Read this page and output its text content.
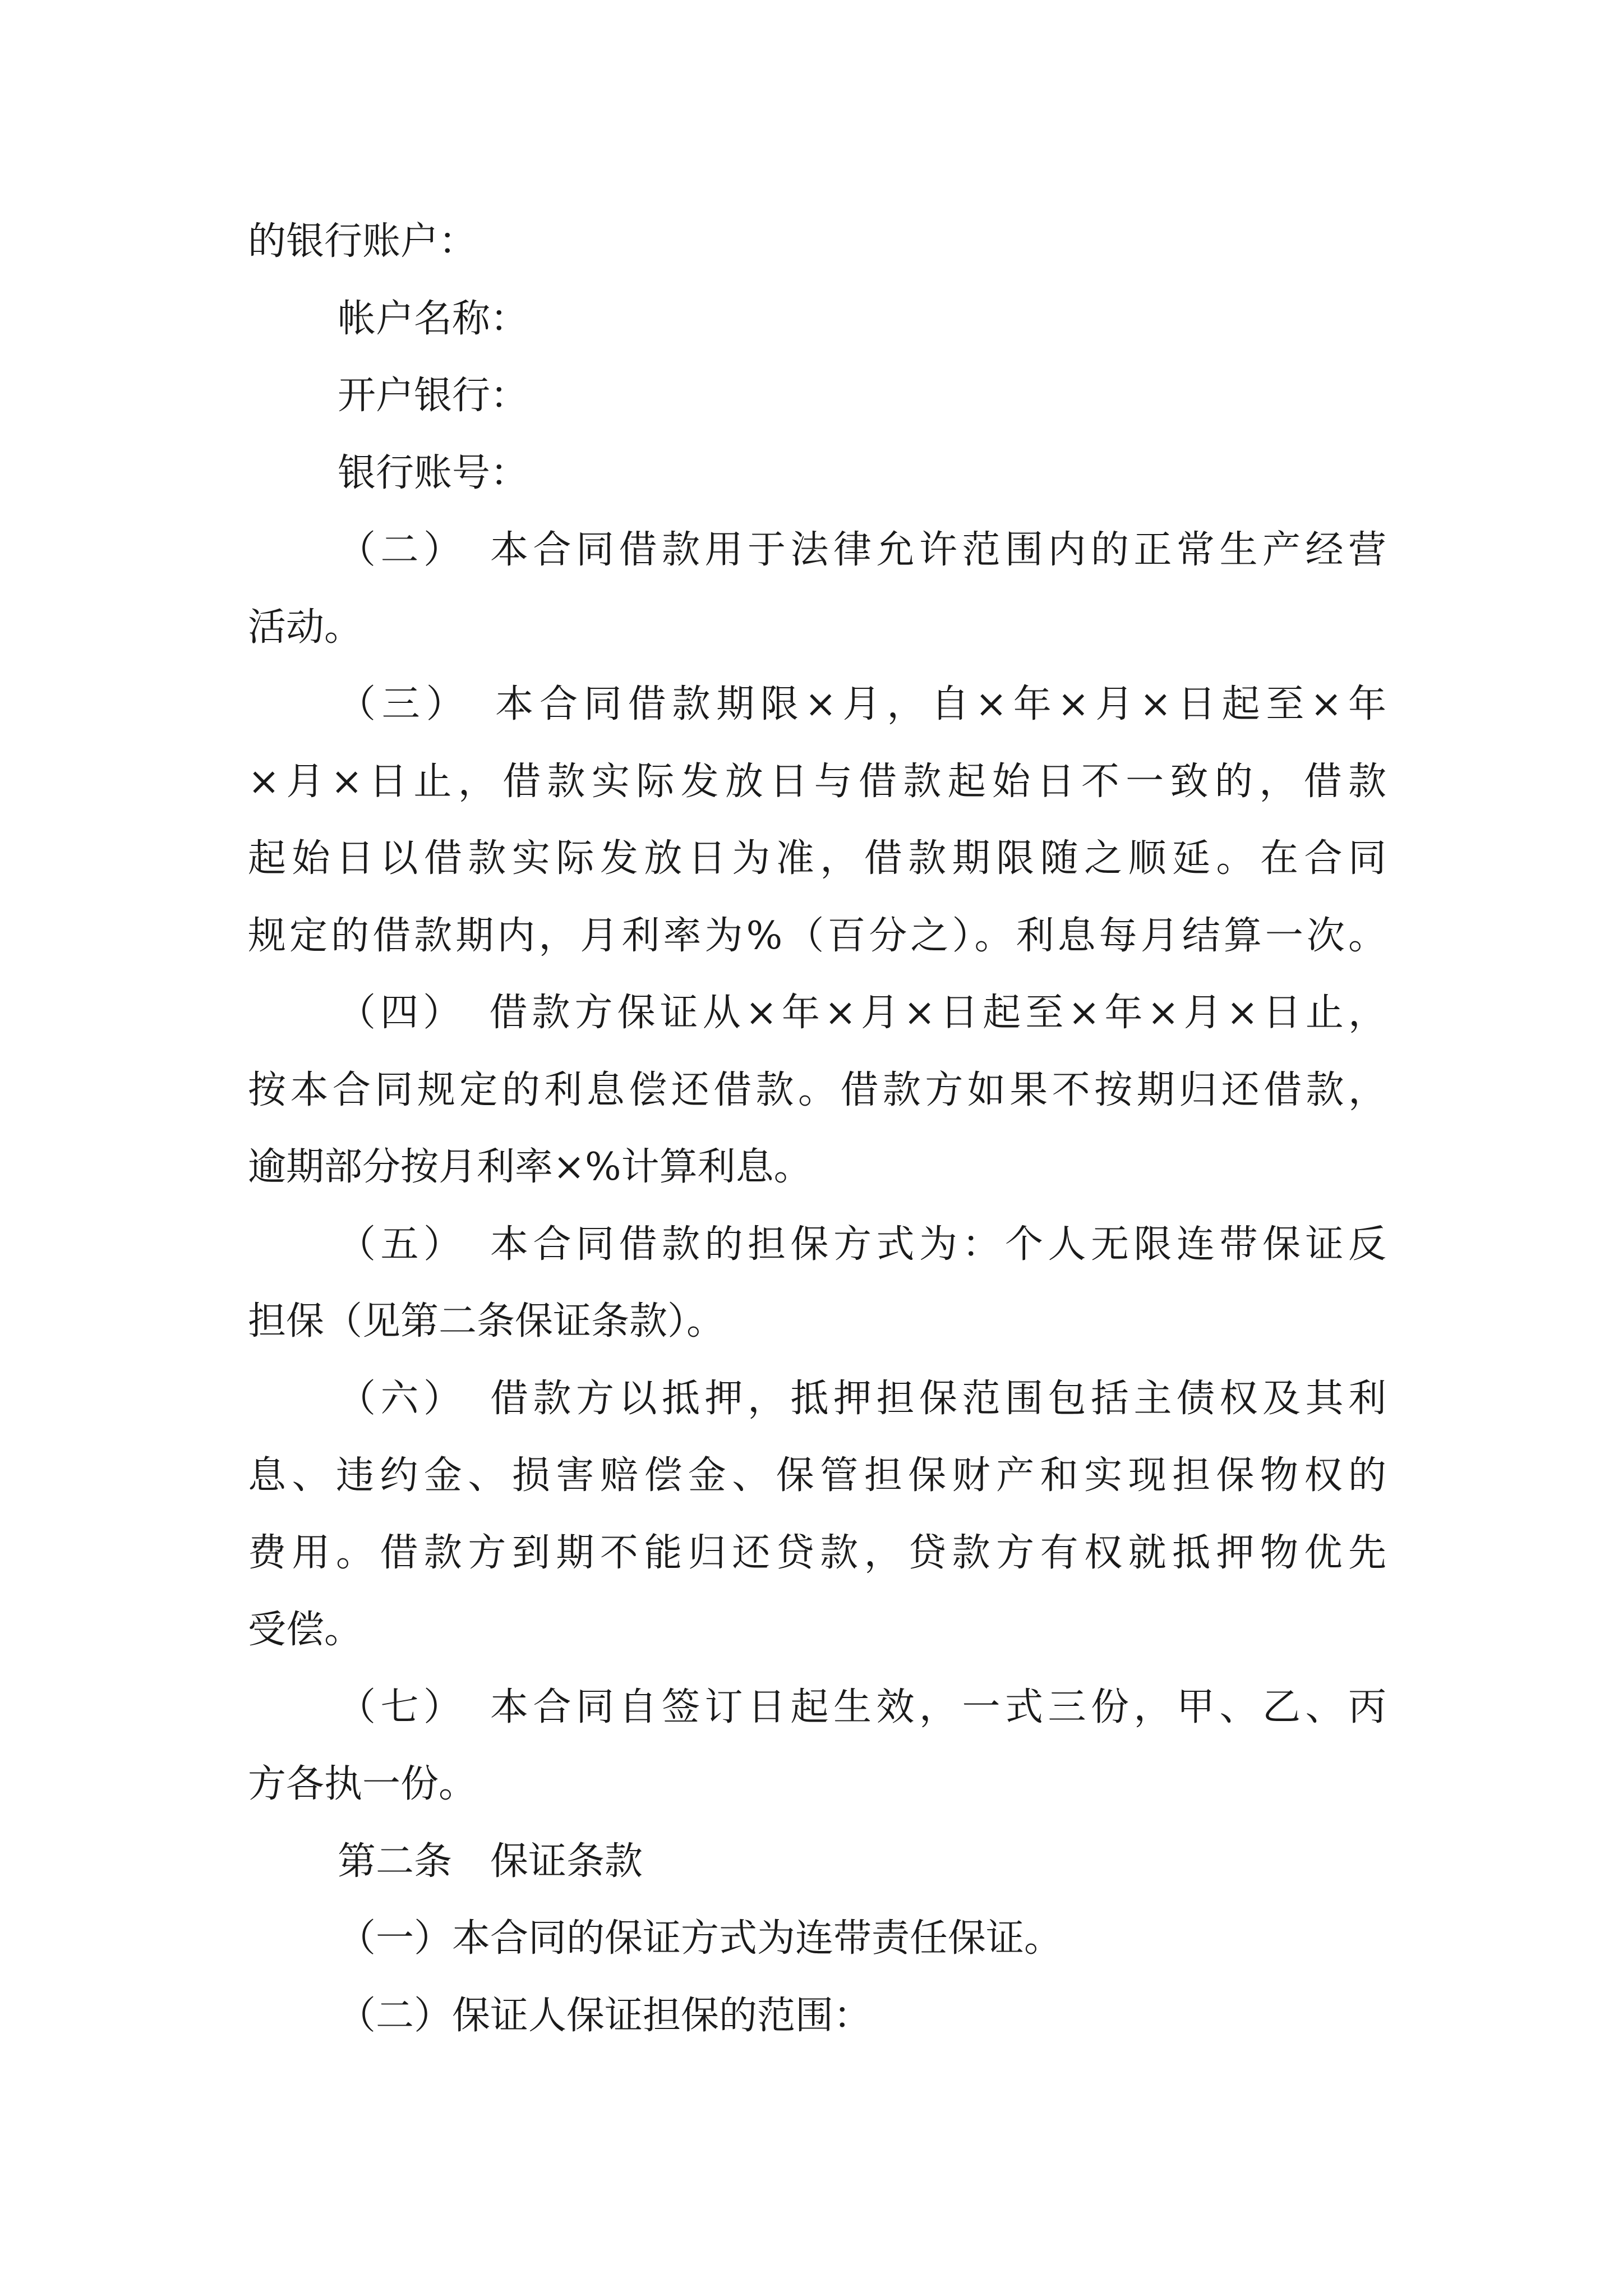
的银行账户：

帐户名称：

开户银行：

银行账号：

（二）　本合同借款用于法律允许范围内的正常生产经营

活动。

（三）　本合同借款期限×月，自×年×月×日起至×年

×月×日止，借款实际发放日与借款起始日不一致的，借款

起始日以借款实际发放日为准，借款期限随之顺延。在合同

规定的借款期内，月利率为%（百分之）。利息每月结算一次。

（四）　借款方保证从×年×月×日起至×年×月×日止，

按本合同规定的利息偿还借款。借款方如果不按期归还借款，

逾期部分按月利率×%计算利息。

（五）　本合同借款的担保方式为：个人无限连带保证反

担保（见第二条保证条款）。

（六）　借款方以抵押，抵押担保范围包括主债权及其利

息、违约金、损害赔偿金、保管担保财产和实现担保物权的

费用。借款方到期不能归还贷款，贷款方有权就抵押物优先

受偿。

（七）　本合同自签订日起生效，一式三份，甲、乙、丙

方各执一份。

第二条　保证条款

（一）本合同的保证方式为连带责任保证。

（二）保证人保证担保的范围：
